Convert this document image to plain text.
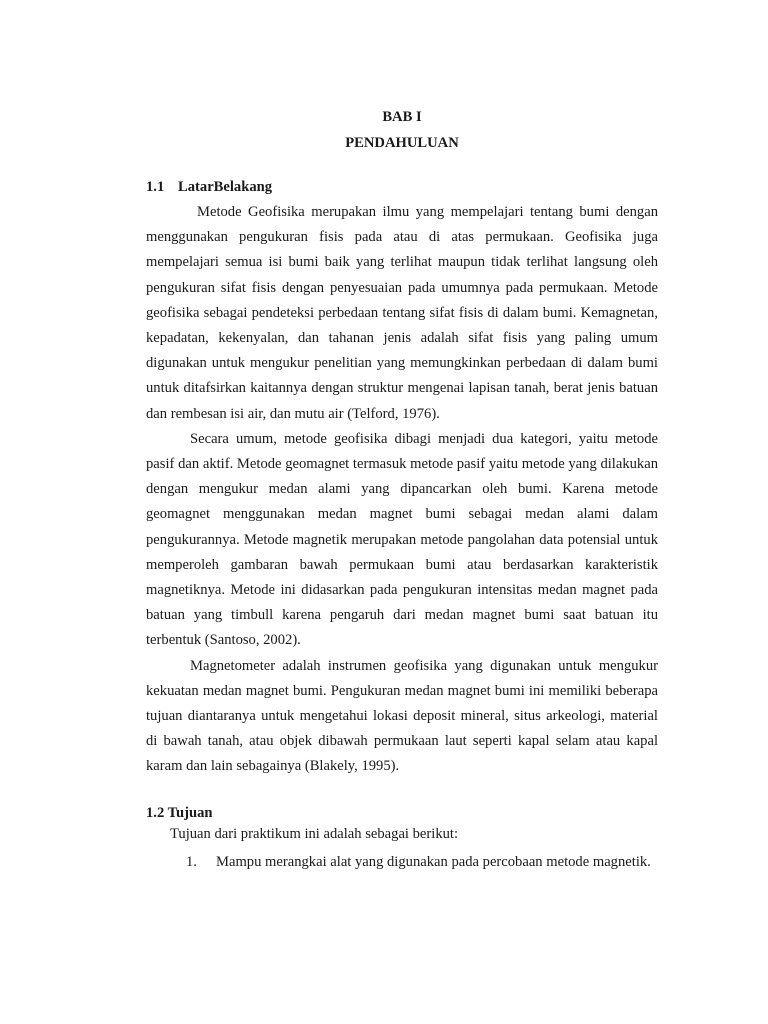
BAB I

PENDAHULUAN

1.1 LatarBelakang

Metode Geofisika merupakan ilmu yang mempelajari tentang bumi dengan menggunakan pengukuran fisis pada atau di atas permukaan. Geofisika juga mempelajari semua isi bumi baik yang terlihat maupun tidak terlihat langsung oleh pengukuran sifat fisis dengan penyesuaian pada umumnya pada permukaan. Metode geofisika sebagai pendeteksi perbedaan tentang sifat fisis di dalam bumi. Kemagnetan, kepadatan, kekenyalan, dan tahanan jenis adalah sifat fisis yang paling umum digunakan untuk mengukur penelitian yang memungkinkan perbedaan di dalam bumi untuk ditafsirkan kaitannya dengan struktur mengenai lapisan tanah, berat jenis batuan dan rembesan isi air, dan mutu air (Telford, 1976).

Secara umum, metode geofisika dibagi menjadi dua kategori, yaitu metode pasif dan aktif. Metode geomagnet termasuk metode pasif yaitu metode yang dilakukan dengan mengukur medan alami yang dipancarkan oleh bumi. Karena metode geomagnet menggunakan medan magnet bumi sebagai medan alami dalam pengukurannya. Metode magnetik merupakan metode pangolahan data potensial untuk memperoleh gambaran bawah permukaan bumi atau berdasarkan karakteristik magnetiknya. Metode ini didasarkan pada pengukuran intensitas medan magnet pada batuan yang timbull karena pengaruh dari medan magnet bumi saat batuan itu terbentuk (Santoso, 2002).

Magnetometer adalah instrumen geofisika yang digunakan untuk mengukur kekuatan medan magnet bumi. Pengukuran medan magnet bumi ini memiliki beberapa tujuan diantaranya untuk mengetahui lokasi deposit mineral, situs arkeologi, material di bawah tanah, atau objek dibawah permukaan laut seperti kapal selam atau kapal karam dan lain sebagainya (Blakely, 1995).

1.2 Tujuan

Tujuan dari praktikum ini adalah sebagai berikut:

1.	Mampu merangkai alat yang digunakan pada percobaan metode magnetik.
